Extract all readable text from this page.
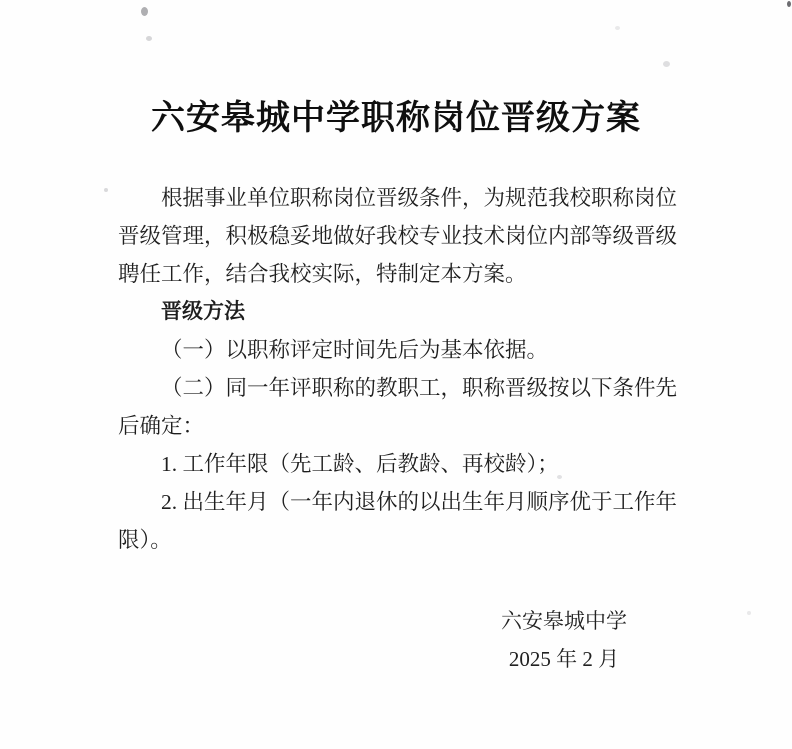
六安皋城中学职称岗位晋级方案
根据事业单位职称岗位晋级条件，为规范我校职称岗位
晋级管理，积极稳妥地做好我校专业技术岗位内部等级晋级
聘任工作，结合我校实际，特制定本方案。
晋级方法
（一）以职称评定时间先后为基本依据。
（二）同一年评职称的教职工，职称晋级按以下条件先
后确定：
1. 工作年限（先工龄、后教龄、再校龄）；
2. 出生年月（一年内退休的以出生年月顺序优于工作年
限）。
六安皋城中学
2025 年 2 月
